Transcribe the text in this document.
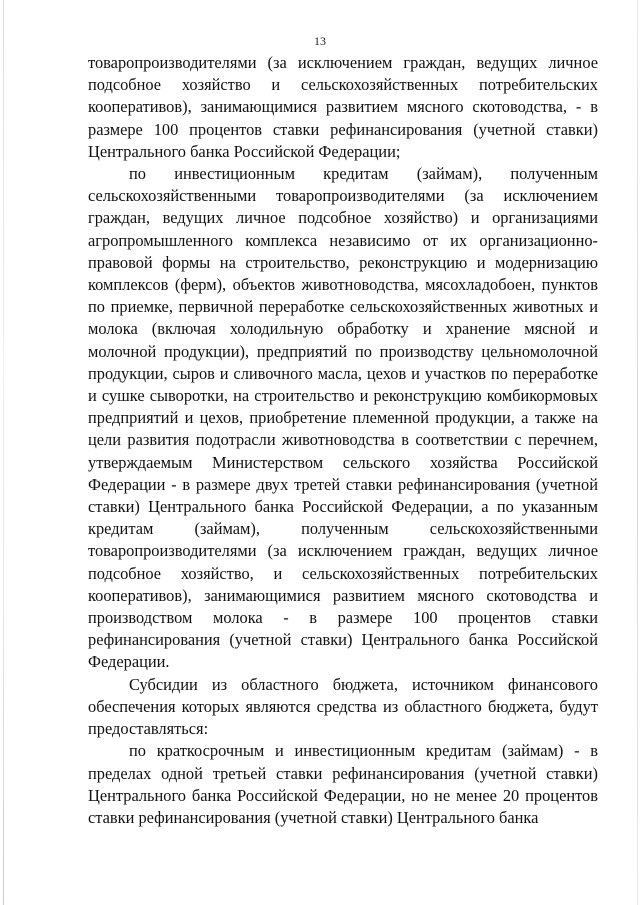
13

товаропроизводителями (за исключением граждан, ведущих личное подсобное хозяйство и сельскохозяйственных потребительских кооперативов), занимающимися развитием мясного скотоводства, - в размере 100 процентов ставки рефинансирования (учетной ставки) Центрального банка Российской Федерации;

по инвестиционным кредитам (займам), полученным сельскохозяйственными товаропроизводителями (за исключением граждан, ведущих личное подсобное хозяйство) и организациями агропромышленного комплекса независимо от их организационно-правовой формы на строительство, реконструкцию и модернизацию комплексов (ферм), объектов животноводства, мясохладобоен, пунктов по приемке, первичной переработке сельскохозяйственных животных и молока (включая холодильную обработку и хранение мясной и молочной продукции), предприятий по производству цельномолочной продукции, сыров и сливочного масла, цехов и участков по переработке и сушке сыворотки, на строительство и реконструкцию комбикормовых предприятий и цехов, приобретение племенной продукции, а также на цели развития подотрасли животноводства в соответствии с перечнем, утверждаемым Министерством сельского хозяйства Российской Федерации - в размере двух третей ставки рефинансирования (учетной ставки) Центрального банка Российской Федерации, а по указанным кредитам (займам), полученным сельскохозяйственными товаропроизводителями (за исключением граждан, ведущих личное подсобное хозяйство, и сельскохозяйственных потребительских кооперативов), занимающимися развитием мясного скотоводства и производством молока - в размере 100 процентов ставки рефинансирования (учетной ставки) Центрального банка Российской Федерации.

Субсидии из областного бюджета, источником финансового обеспечения которых являются средства из областного бюджета, будут предоставляться:

по краткосрочным и инвестиционным кредитам (займам) - в пределах одной третьей ставки рефинансирования (учетной ставки) Центрального банка Российской Федерации, но не менее 20 процентов ставки рефинансирования (учетной ставки) Центрального банка
